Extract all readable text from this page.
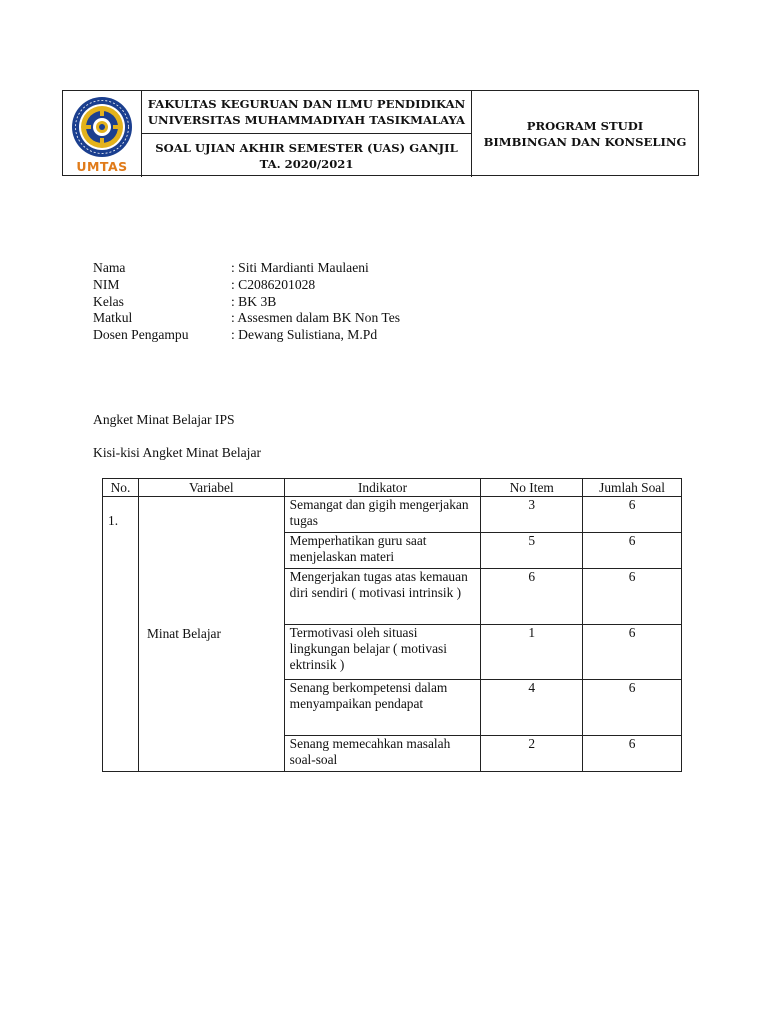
UMTAS
FAKULTAS KEGURUAN DAN ILMU PENDIDIKAN
UNIVERSITAS MUHAMMADIYAH TASIKMALAYA
SOAL UJIAN AKHIR SEMESTER (UAS) GANJIL
TA. 2020/2021
PROGRAM STUDI
BIMBINGAN DAN KONSELING
Nama	: Siti Mardianti Maulaeni
NIM	: C2086201028
Kelas	: BK 3B
Matkul	: Assesmen dalam BK Non Tes
Dosen Pengampu	: Dewang Sulistiana, M.Pd
Angket Minat Belajar IPS
Kisi-kisi Angket Minat Belajar
No.	Variabel	Indikator	No Item	Jumlah Soal
1.	Minat Belajar	Semangat dan gigih mengerjakan tugas	3	6
		Memperhatikan guru saat menjelaskan materi	5	6
		Mengerjakan tugas atas kemauan diri sendiri ( motivasi intrinsik )	6	6
		Termotivasi oleh situasi lingkungan belajar ( motivasi ektrinsik )	1	6
		Senang berkompetensi dalam menyampaikan pendapat	4	6
		Senang memecahkan masalah soal-soal	2	6
